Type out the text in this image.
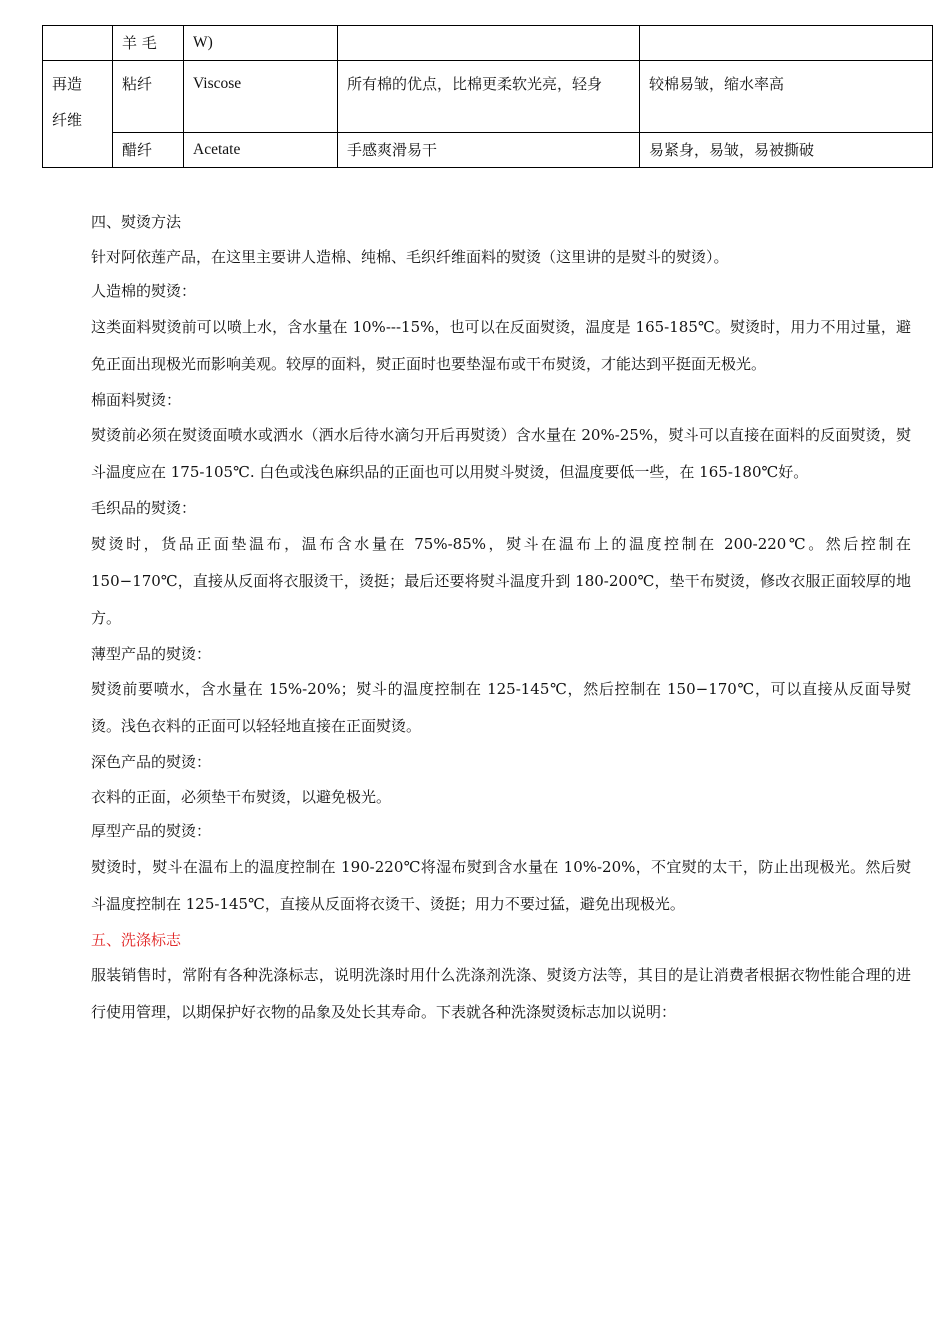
	羊 毛	W)		
再造
纤维	粘纤	Viscose	所有棉的优点，比棉更柔软光亮，轻身	较棉易皱，缩水率高
	醋纤	Acetate	手感爽滑易干	易紧身，易皱，易被撕破
四、熨烫方法
针对阿依莲产品，在这里主要讲人造棉、纯棉、毛织纤维面料的熨烫（这里讲的是熨斗的熨烫）。
人造棉的熨烫：

这类面料熨烫前可以喷上水，含水量在 10%---15%，也可以在反面熨烫，温度是 165-185℃。熨烫时，用力不用过量，避免正面出现极光而影响美观。较厚的面料，熨正面时也要垫湿布或干布熨烫，才能达到平挺面无极光。

棉面料熨烫：

熨烫前必须在熨烫面喷水或洒水（洒水后待水滴匀开后再熨烫）含水量在 20%-25%，熨斗可以直接在面料的反面熨烫，熨斗温度应在 175-105℃. 白色或浅色麻织品的正面也可以用熨斗熨烫，但温度要低一些，在 165-180℃好。

毛织品的熨烫：

熨烫时，货品正面垫温布，温布含水量在 75%-85%，熨斗在温布上的温度控制在 200-220℃。然后控制在 150−170℃，直接从反面将衣服烫干，烫挺；最后还要将熨斗温度升到 180-200℃，垫干布熨烫，修改衣服正面较厚的地方。

薄型产品的熨烫：

熨烫前要喷水，含水量在 15%-20%；熨斗的温度控制在 125-145℃，然后控制在 150−170℃，可以直接从反面导熨烫。浅色衣料的正面可以轻轻地直接在正面熨烫。

深色产品的熨烫：
衣料的正面，必须垫干布熨烫，以避免极光。
厚型产品的熨烫：

熨烫时，熨斗在温布上的温度控制在 190-220℃将湿布熨到含水量在 10%-20%，不宜熨的太干，防止出现极光。然后熨斗温度控制在 125-145℃，直接从反面将衣烫干、烫挺；用力不要过猛，避免出现极光。

五、洗涤标志

服装销售时，常附有各种洗涤标志，说明洗涤时用什么洗涤剂洗涤、熨烫方法等，其目的是让消费者根据衣物性能合理的进行使用管理，以期保护好衣物的品象及处长其寿命。下表就各种洗涤熨烫标志加以说明：
